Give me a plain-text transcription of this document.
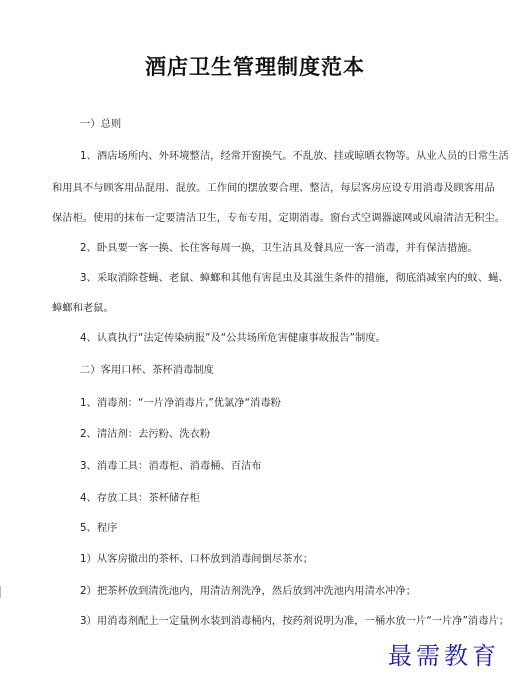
酒店卫生管理制度范本
一）总则
1、酒店场所内、外环境整洁，经常开窗换气。不乱放、挂或晾晒衣物等。从业人员的日常生活
和用具不与顾客用品混用、混放。工作间的摆放要合理、整洁，每层客房应设专用消毒及顾客用品
保洁柜。使用的抹布一定要清洁卫生，专布专用，定期消毒。窗台式空调器滤网或风扇清洁无积尘。
2、卧具要一客一换、长住客每周一换，卫生洁具及餐具应一客一消毒，并有保洁措施。
3、采取消除苍蝇、老鼠、蟑螂和其他有害昆虫及其滋生条件的措施，彻底消减室内的蚊、蝇、
蟑螂和老鼠。
4、认真执行“法定传染病报”及“公共场所危害健康事故报告”制度。
二）客用口杯、茶杯消毒制度
1、消毒剂：“一片净消毒片,”优氯净“消毒粉
2、清洁剂：去污粉、洗衣粉
3、消毒工具：消毒柜、消毒桶、百洁布
4、存放工具：茶杯储存柜
5、程序
1）从客房撤出的茶杯、口杯放到消毒间倒尽茶水；
2）把茶杯放到清洗池内，用清洁剂洗净，然后放到冲洗池内用清水冲净；
3）用消毒剂配上一定量例水装到消毒桶内，按药剂说明为准，一桶水放一片“一片净”消毒片；
最需教育
